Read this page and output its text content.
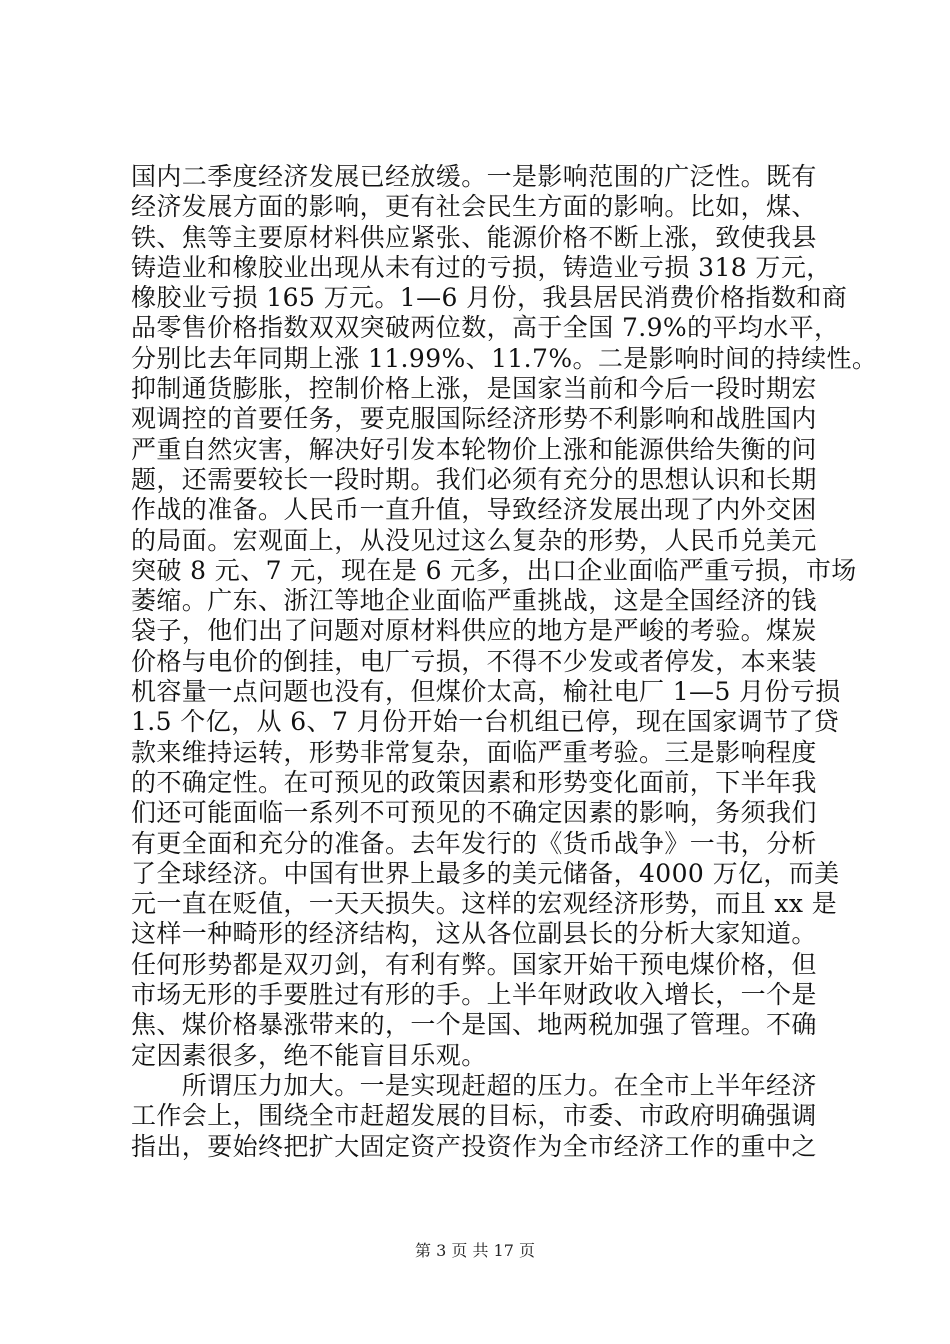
国内二季度经济发展已经放缓。一是影响范围的广泛性。既有
经济发展方面的影响，更有社会民生方面的影响。比如，煤、
铁、焦等主要原材料供应紧张、能源价格不断上涨，致使我县
铸造业和橡胶业出现从未有过的亏损，铸造业亏损 318 万元，
橡胶业亏损 165 万元。1—6 月份，我县居民消费价格指数和商
品零售价格指数双双突破两位数，高于全国 7.9%的平均水平，
分别比去年同期上涨 11.99%、11.7%。二是影响时间的持续性。
抑制通货膨胀，控制价格上涨，是国家当前和今后一段时期宏
观调控的首要任务，要克服国际经济形势不利影响和战胜国内
严重自然灾害，解决好引发本轮物价上涨和能源供给失衡的问
题，还需要较长一段时期。我们必须有充分的思想认识和长期
作战的准备。人民币一直升值，导致经济发展出现了内外交困
的局面。宏观面上，从没见过这么复杂的形势，人民币兑美元
突破 8 元、7 元，现在是 6 元多，出口企业面临严重亏损，市场
萎缩。广东、浙江等地企业面临严重挑战，这是全国经济的钱
袋子，他们出了问题对原材料供应的地方是严峻的考验。煤炭
价格与电价的倒挂，电厂亏损，不得不少发或者停发，本来装
机容量一点问题也没有，但煤价太高，榆社电厂 1—5 月份亏损
1.5 个亿，从 6、7 月份开始一台机组已停，现在国家调节了贷
款来维持运转，形势非常复杂，面临严重考验。三是影响程度
的不确定性。在可预见的政策因素和形势变化面前，下半年我
们还可能面临一系列不可预见的不确定因素的影响，务须我们
有更全面和充分的准备。去年发行的《货币战争》一书，分析
了全球经济。中国有世界上最多的美元储备，4000 万亿，而美
元一直在贬值，一天天损失。这样的宏观经济形势，而且 xx 是
这样一种畸形的经济结构，这从各位副县长的分析大家知道。
任何形势都是双刃剑，有利有弊。国家开始干预电煤价格，但
市场无形的手要胜过有形的手。上半年财政收入增长，一个是
焦、煤价格暴涨带来的，一个是国、地两税加强了管理。不确
定因素很多，绝不能盲目乐观。
　　所谓压力加大。一是实现赶超的压力。在全市上半年经济
工作会上，围绕全市赶超发展的目标，市委、市政府明确强调
指出，要始终把扩大固定资产投资作为全市经济工作的重中之
第 3 页 共 17 页
